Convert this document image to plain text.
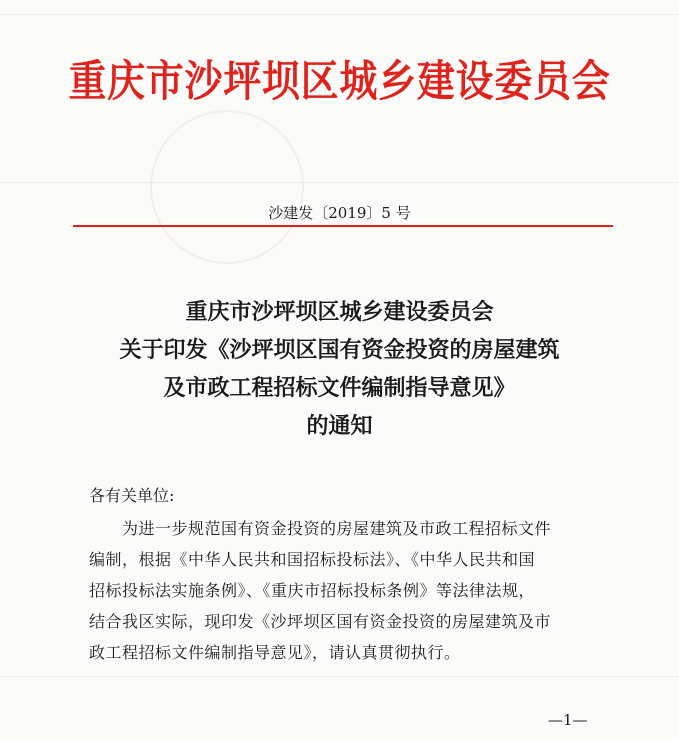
重庆市沙坪坝区城乡建设委员会
沙建发〔2019〕5 号
重庆市沙坪坝区城乡建设委员会
关于印发《沙坪坝区国有资金投资的房屋建筑
及市政工程招标文件编制指导意见》
的通知
各有关单位:
为进一步规范国有资金投资的房屋建筑及市政工程招标文件
编制，根据《中华人民共和国招标投标法》、《中华人民共和国
招标投标法实施条例》、《重庆市招标投标条例》等法律法规，
结合我区实际，现印发《沙坪坝区国有资金投资的房屋建筑及市
政工程招标文件编制指导意见》，请认真贯彻执行。
—1—
